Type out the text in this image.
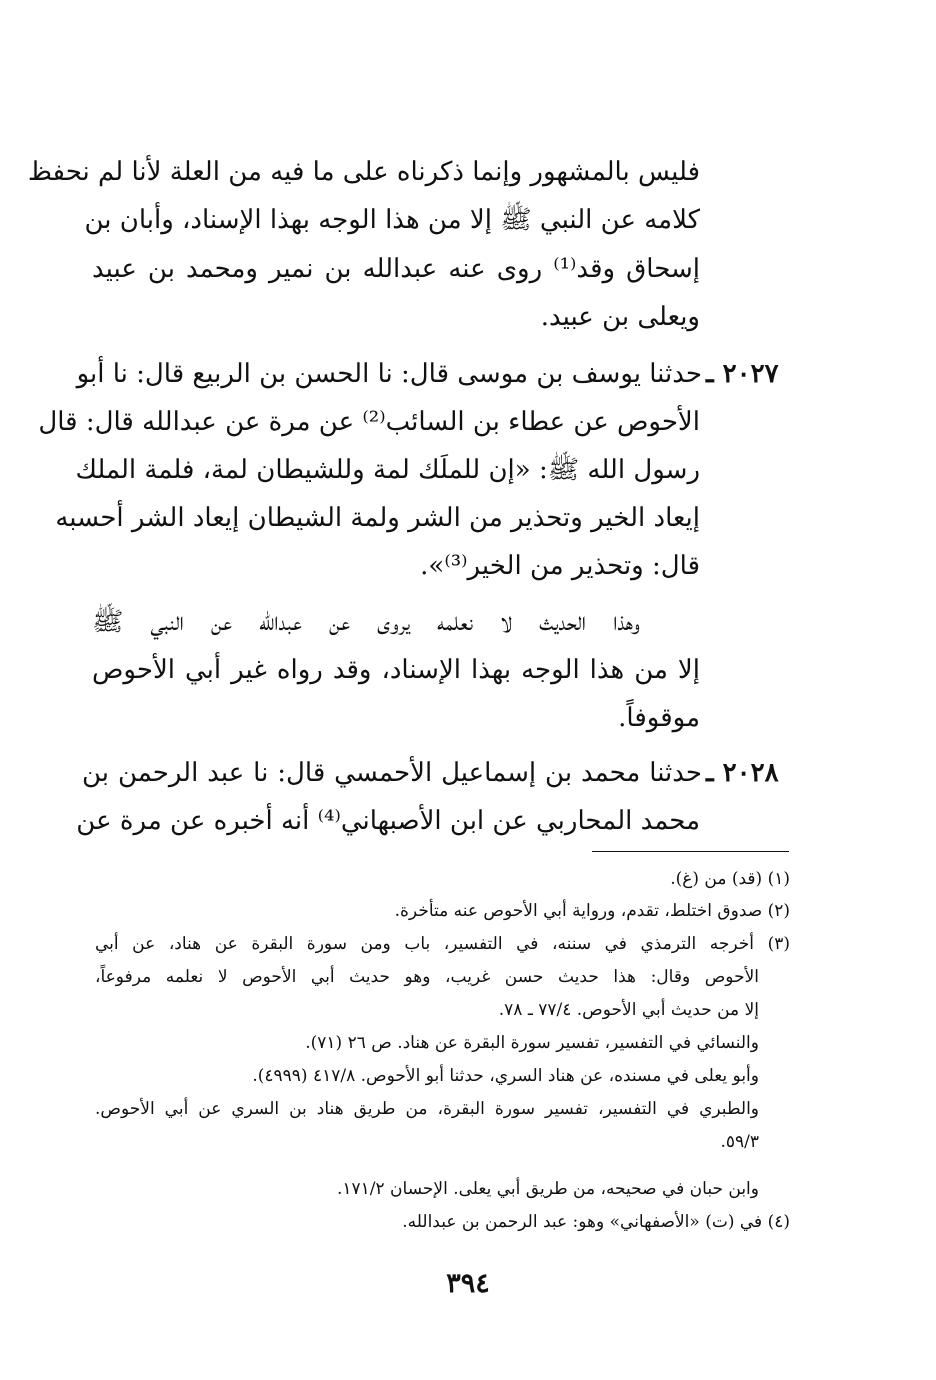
فليس بالمشهور وإنما ذكرناه على ما فيه من العلة لأنا لم نحفظ
كلامه عن النبي ﷺ إلا من هذا الوجه بهذا الإسناد، وأبان بن
إسحاق وقد⁽¹⁾ روى عنه عبدالله بن نمير ومحمد بن عبيد
ويعلى بن عبيد.
٢٠٢٧ ـ
حدثنا يوسف بن موسى قال: نا الحسن بن الربيع قال: نا أبو
الأحوص عن عطاء بن السائب⁽²⁾ عن مرة عن عبدالله قال: قال
رسول الله ﷺ: «إن للملَك لمة وللشيطان لمة، فلمة الملك
إيعاد الخير وتحذير من الشر ولمة الشيطان إيعاد الشر أحسبه
قال: وتحذير من الخير⁽³⁾».
وهذا الحديث لا نعلمه يروى عن عبدالله عن النبي ﷺ
إلا من هذا الوجه بهذا الإسناد، وقد رواه غير أبي الأحوص
موقوفاً.
٢٠٢٨ ـ
حدثنا محمد بن إسماعيل الأحمسي قال: نا عبد الرحمن بن
محمد المحاربي عن ابن الأصبهاني⁽⁴⁾ أنه أخبره عن مرة عن
(١) (قد) من (غ).
(٢) صدوق اختلط، تقدم، ورواية أبي الأحوص عنه متأخرة.
(٣) أخرجه الترمذي في سننه، في التفسير، باب ومن سورة البقرة عن هناد، عن أبي
الأحوص وقال: هذا حديث حسن غريب، وهو حديث أبي الأحوص لا نعلمه مرفوعاً،
إلا من حديث أبي الأحوص. ٧٧/٤ ـ ٧٨.
والنسائي في التفسير، تفسير سورة البقرة عن هناد. ص ٢٦ (٧١).
وأبو يعلى في مسنده، عن هناد السري، حدثنا أبو الأحوص. ٤١٧/٨ (٤٩٩٩).
والطبري في التفسير، تفسير سورة البقرة، من طريق هناد بن السري عن أبي الأحوص.
٥٩/٣.
وابن حبان في صحيحه، من طريق أبي يعلى. الإحسان ١٧١/٢.
(٤) في (ت) «الأصفهاني» وهو: عبد الرحمن بن عبدالله.
٣٩٤
